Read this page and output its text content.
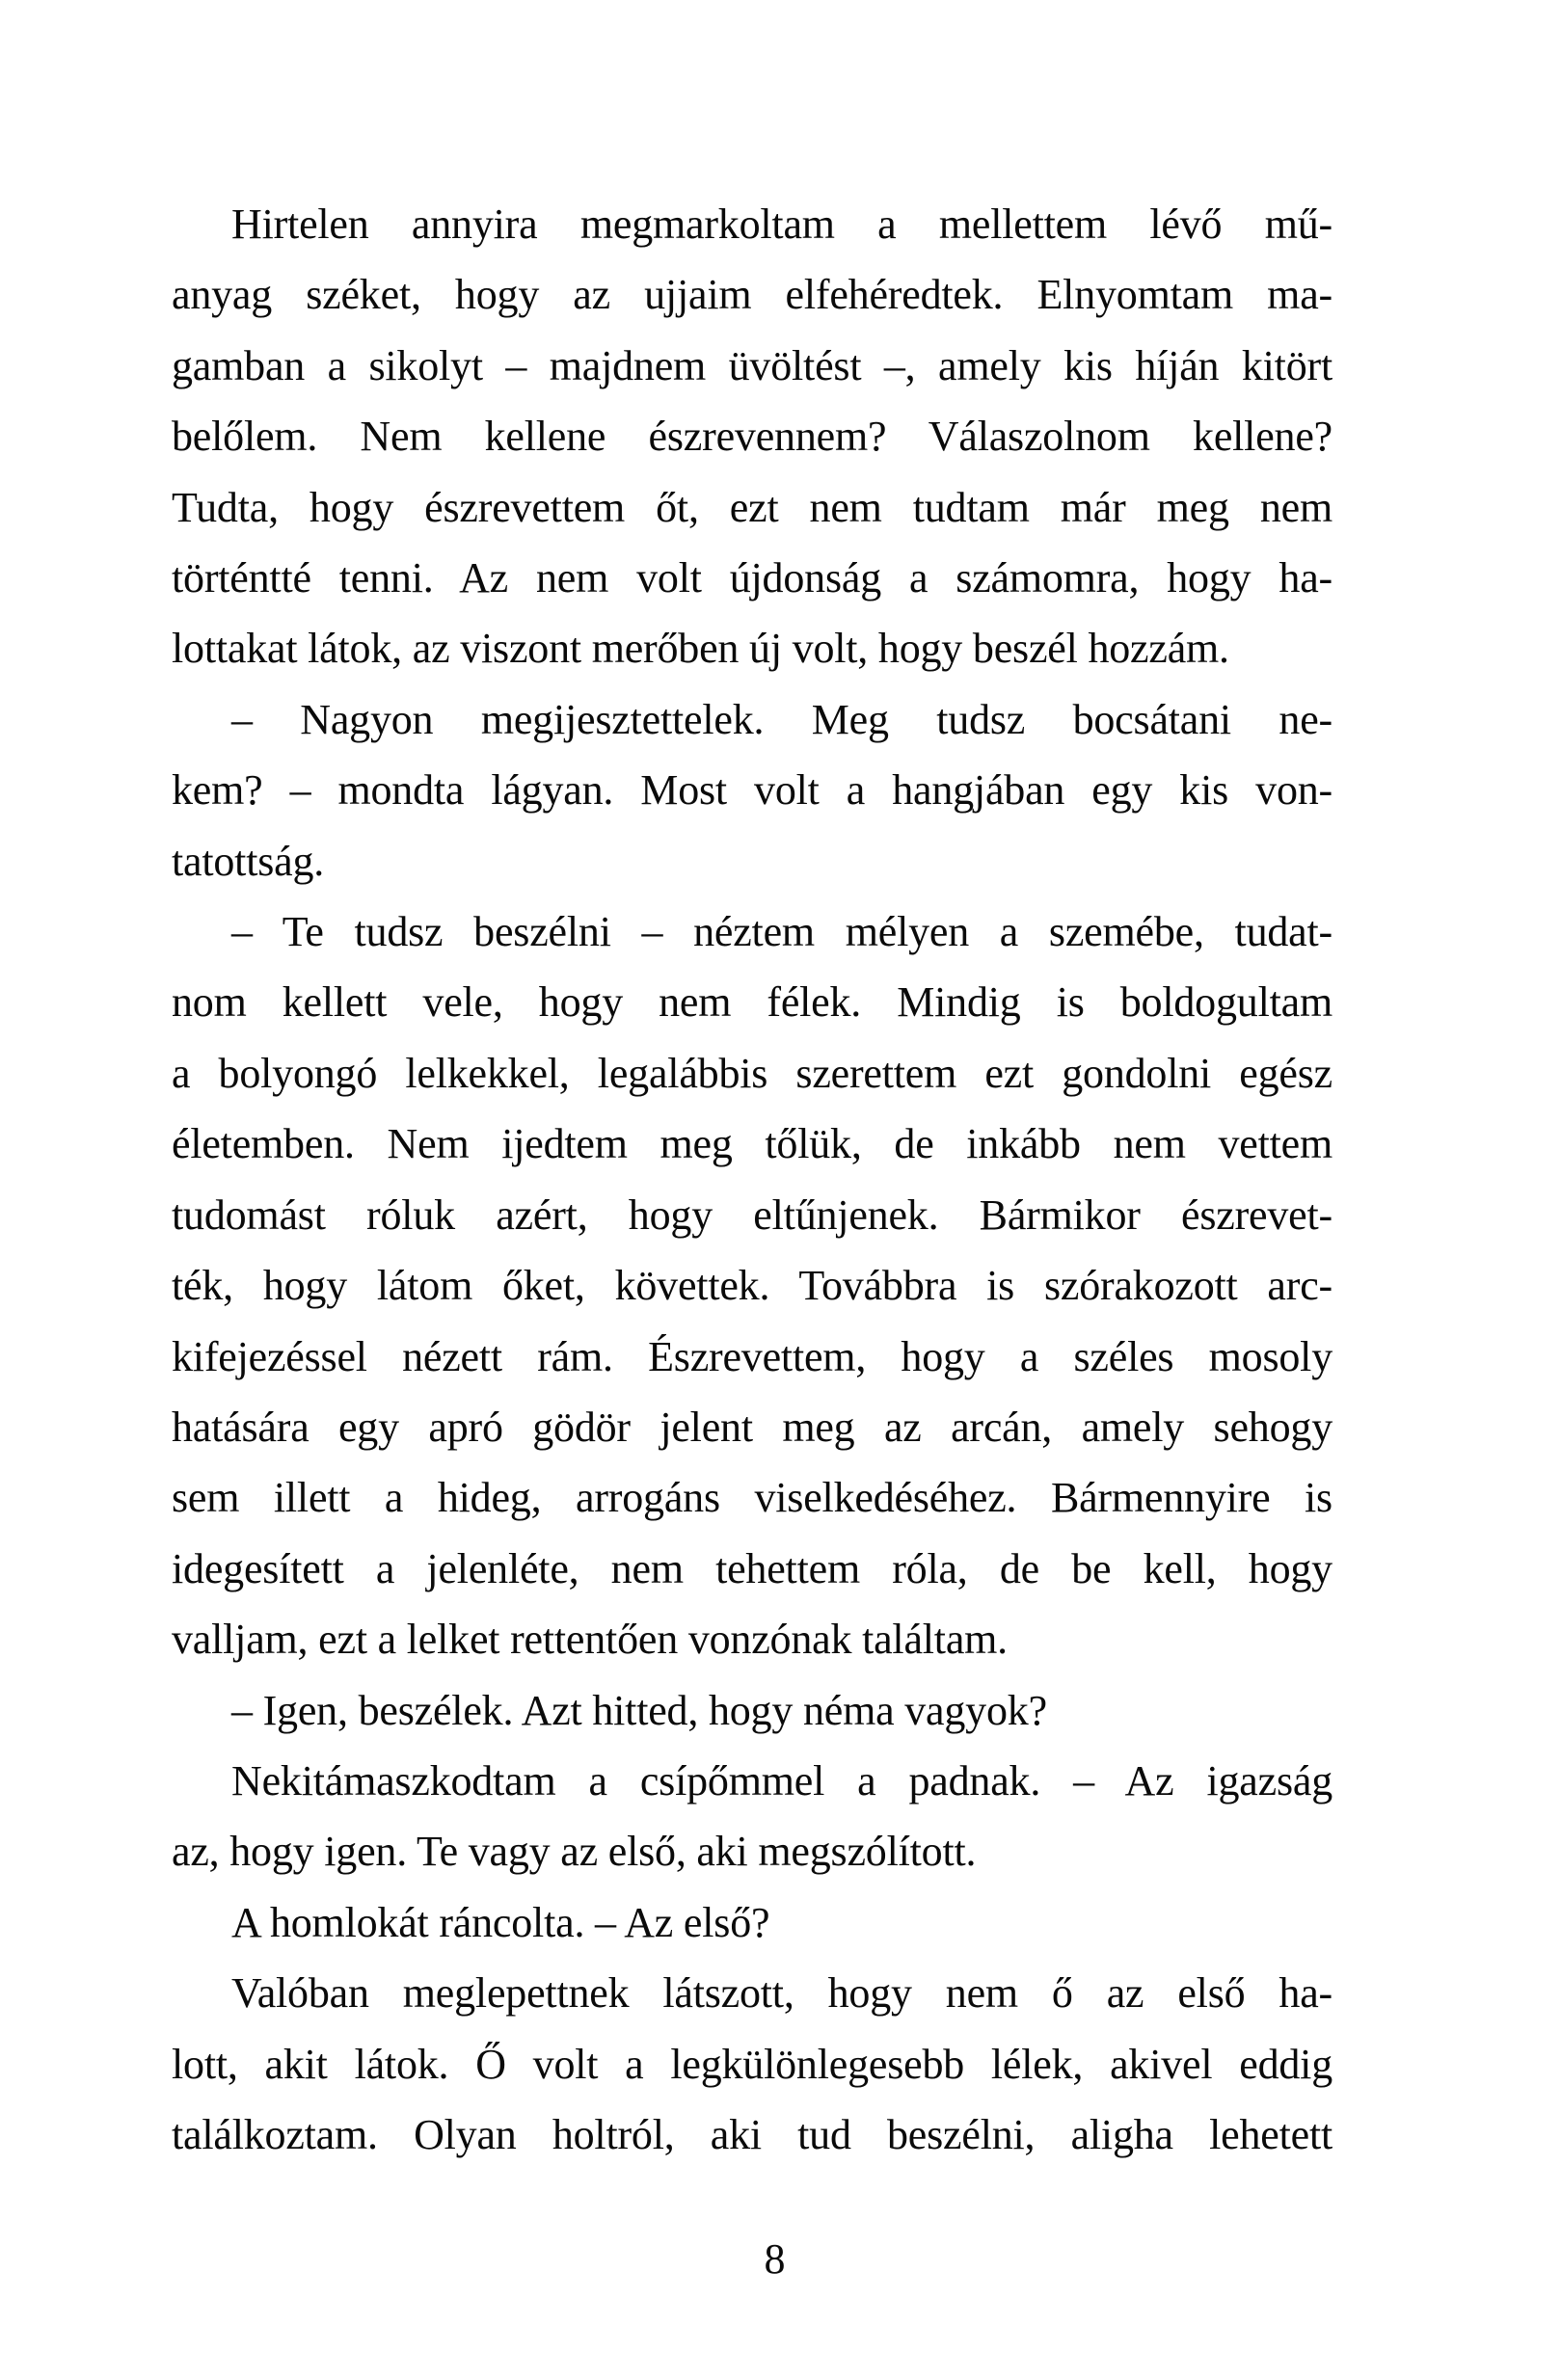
Hirtelen annyira megmarkoltam a mellettem lévő mű-
anyag széket, hogy az ujjaim elfehéredtek. Elnyomtam ma-
gamban a sikolyt – majdnem üvöltést –, amely kis híján kitört
belőlem. Nem kellene észrevennem? Válaszolnom kellene?
Tudta, hogy észrevettem őt, ezt nem tudtam már meg nem
történtté tenni. Az nem volt újdonság a számomra, hogy ha-
lottakat látok, az viszont merőben új volt, hogy beszél hozzám.
– Nagyon megijesztettelek. Meg tudsz bocsátani ne-
kem? – mondta lágyan. Most volt a hangjában egy kis von-
tatottság.
– Te tudsz beszélni – néztem mélyen a szemébe, tudat-
nom kellett vele, hogy nem félek. Mindig is boldogultam
a bolyongó lelkekkel, legalábbis szerettem ezt gondolni egész
életemben. Nem ijedtem meg tőlük, de inkább nem vettem
tudomást róluk azért, hogy eltűnjenek. Bármikor észrevet-
ték, hogy látom őket, követtek. Továbbra is szórakozott arc-
kifejezéssel nézett rám. Észrevettem, hogy a széles mosoly
hatására egy apró gödör jelent meg az arcán, amely sehogy
sem illett a hideg, arrogáns viselkedéséhez. Bármennyire is
idegesített a jelenléte, nem tehettem róla, de be kell, hogy
valljam, ezt a lelket rettentően vonzónak találtam.
– Igen, beszélek. Azt hitted, hogy néma vagyok?
Nekitámaszkodtam a csípőmmel a padnak. – Az igazság
az, hogy igen. Te vagy az első, aki megszólított.
A homlokát ráncolta. – Az első?
Valóban meglepettnek látszott, hogy nem ő az első ha-
lott, akit látok. Ő volt a legkülönlegesebb lélek, akivel eddig
találkoztam. Olyan holtról, aki tud beszélni, aligha lehetett
8
